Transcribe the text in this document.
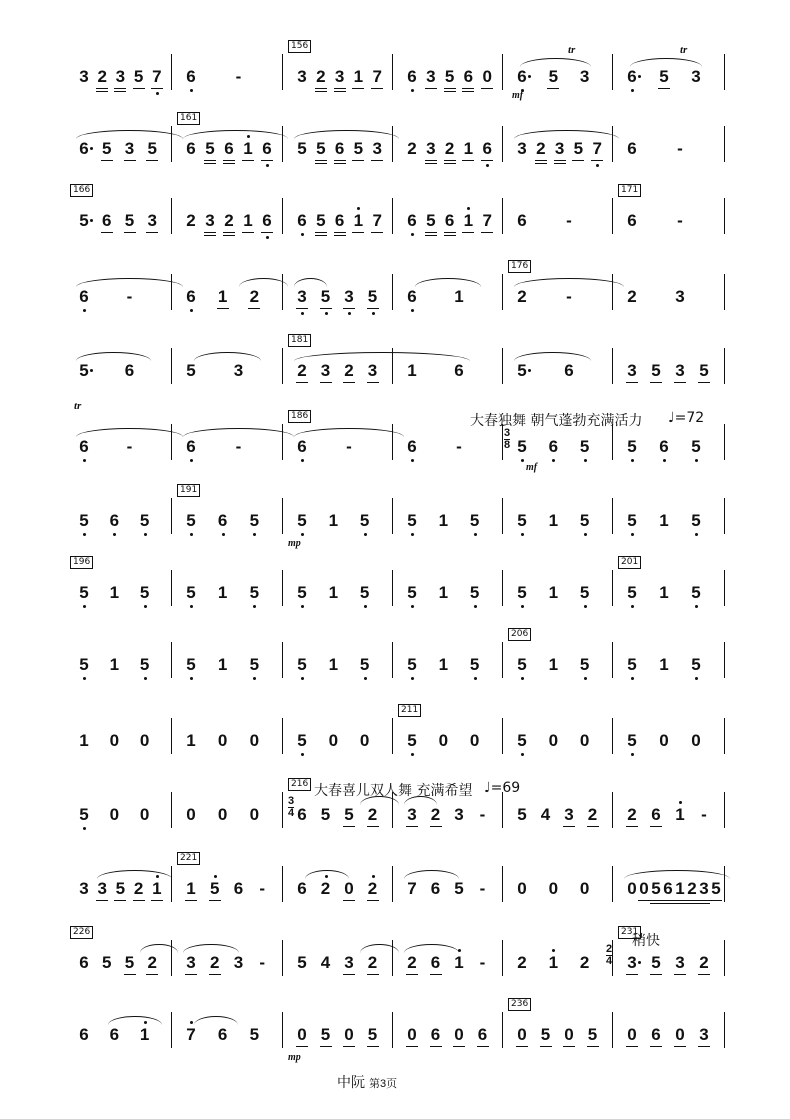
3 2 3 5 7 6 -
156
3 2 3 1 7 6 3 5 6 0 6 5 3 6 5 3
6 5 3 5
161
6 5 6 1 6 5 5 6 5 3 2 3 2 1 6 3 2 3 5 7 6 -
166
5 6 5 3 2 3 2 1 6 6 5 6 1 7 6 5 6 1 7 6 -
171
6 -
6 -	6 1 2 3 5 3 5 6 1
176
2 -	2 3
5 6	5 3
181
2 3 2 3 1 6	5 6	3 5 3 5
6 -	6 -
186
6 -	6 -	5 6 5 5 6 5
5 6 5
191
5 6 5 5 1 5 5 1 5 5 1 5 5 1 5
196
5 1 5 5 1 5 5 1 5 5 1 5 5 1 5
201
5 1 5
5 1 5 5 1 5 5 1 5 5 1 5
206
5 1 5 5 1 5
1 0 0 1 0 0 5 0 0
211
5 0 0 5 0 0 5 0 0
5 0 0 0 0 0
216
6 5 5 2 3 2 3 - 5 4 3 2 2 6 1 -
3 3 5 2 1
221
1 5 6 - 6 2 0 2 7 6 5 - 0 0 0 0 0 5 6 1 2 3 5
226
6 5 5 2 3 2 3 - 5 4 3 2 2 6 1 - 2 1 2
231
3 5 3 2
6 6 1 7 6 5 0 5 0 5 0 6 0 6
236
0 5 0 5 0 6 0 3
tr	tr
tr
mf
mf
mp
mp
稍快
大春独舞 朝气蓬勃充满活力 ♩=72
大春喜儿双人舞 充满希望 ♩=69
3
8
3
4
2
4
中阮 第3页
